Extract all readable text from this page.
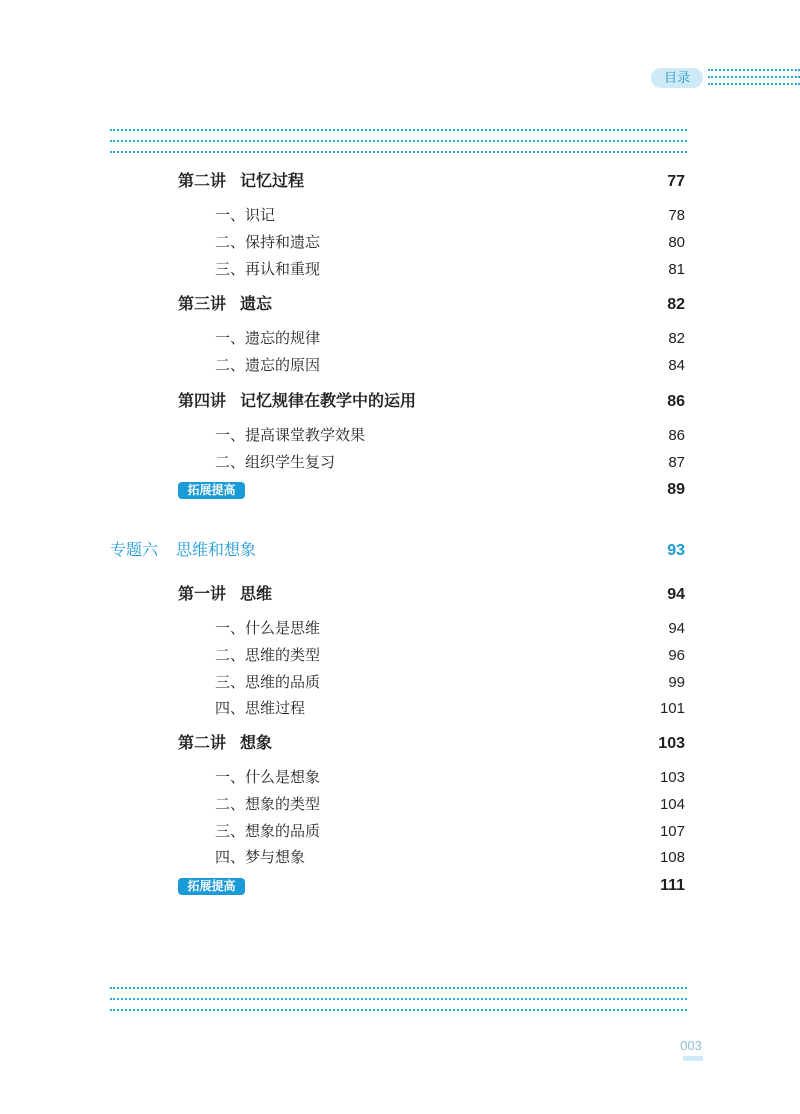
目录
第二讲 记忆过程	77
一、识记	78
二、保持和遗忘	80
三、再认和重现	81
第三讲 遗忘	82
一、遗忘的规律	82
二、遗忘的原因	84
第四讲 记忆规律在教学中的运用	86
一、提高课堂教学效果	86
二、组织学生复习	87
拓展提高	89
专题六 思维和想象	93
第一讲 思维	94
一、什么是思维	94
二、思维的类型	96
三、思维的品质	99
四、思维过程	101
第二讲 想象	103
一、什么是想象	103
二、想象的类型	104
三、想象的品质	107
四、梦与想象	108
拓展提高	111
003
